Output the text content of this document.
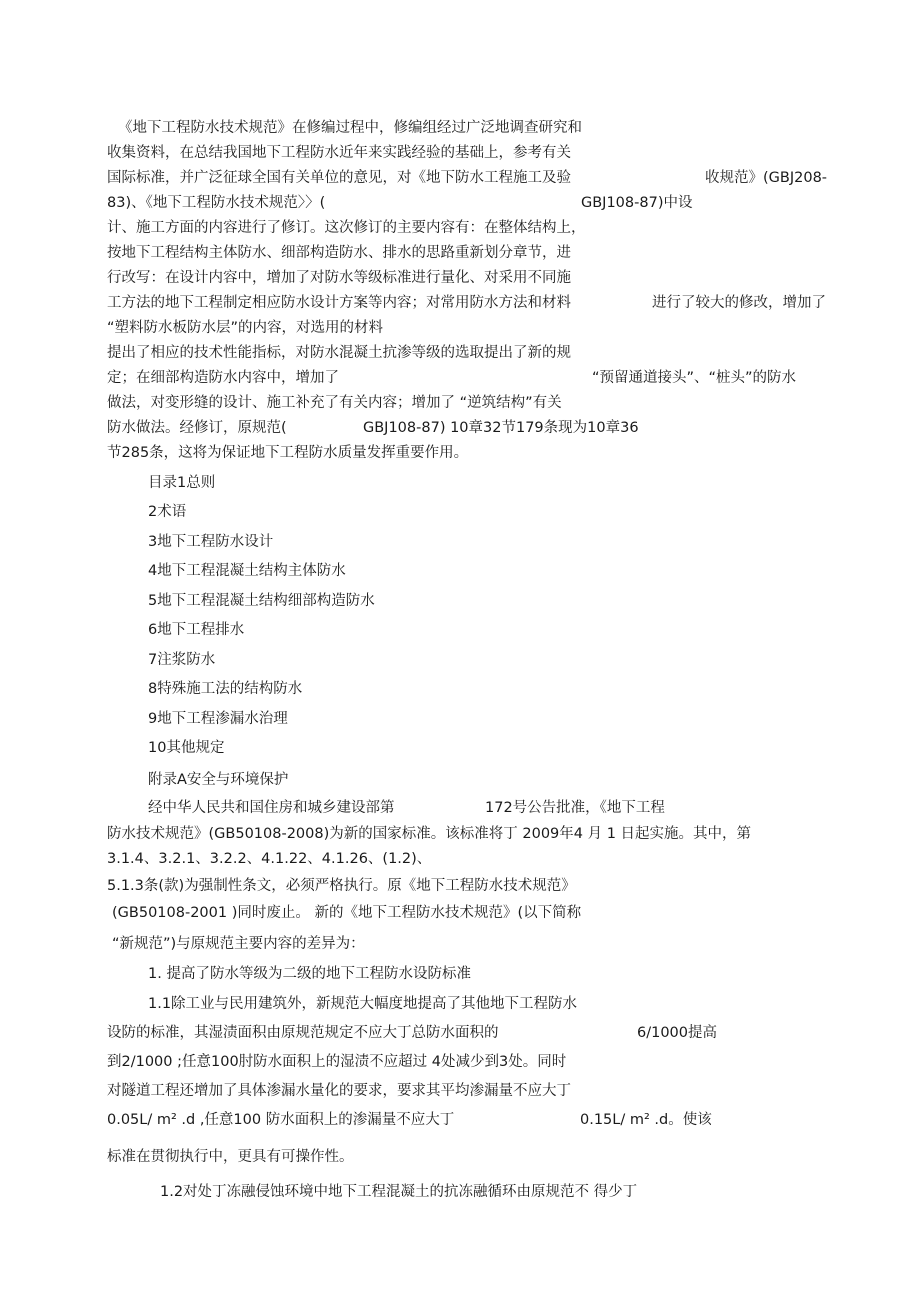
《地下工程防水技术规范》在修编过程中，修编组经过广泛地调查研究和
收集资料，在总结我国地下工程防水近年来实践经验的基础上，参考有关
国际标准，并广泛征球全国有关单位的意见，对《地下防水工程施工及验	收规范》(GBJ208-
83)、《地下工程防水技术规范〉〉(	GBJ108-87)中设
计、施工方面的内容进行了修订。这次修订的主要内容有：在整体结构上，
按地下工程结构主体防水、细部构造防水、排水的思路重新划分章节，进
行改写：在设计内容中，增加了对防水等级标准进行量化、对采用不同施
工方法的地下工程制定相应防水设计方案等内容；对常用防水方法和材料	进行了较大的修改，增加了
“塑料防水板防水层”的内容，对选用的材料
提出了相应的技术性能指标，对防水混凝土抗渗等级的选取提出了新的规
定；在细部构造防水内容中，增加了	“预留通道接头”、“桩头”的防水
做法，对变形缝的设计、施工补充了有关内容；增加了 “逆筑结构”有关
防水做法。经修订，原规范(	GBJ108-87) 10章32节179条现为10章36
节285条，这将为保证地下工程防水质量发挥重要作用。
目录1总则
2术语
3地下工程防水设计
4地下工程混凝土结构主体防水
5地下工程混凝土结构细部构造防水
6地下工程排水
7注浆防水
8特殊施工法的结构防水
9地下工程渗漏水治理
10其他规定
附录A安全与环境保护
经中华人民共和国住房和城乡建设部第	172号公告批准，《地下工程
防水技术规范》(GB50108-2008)为新的国家标准。该标准将丁 2009年4 月 1 日起实施。其中，第
3.1.4、3.2.1、3.2.2、4.1.22、4.1.26、(1.2)、
5.1.3条(款)为强制性条文，必须严格执行。原《地下工程防水技术规范》
(GB50108-2001 )同时废止。 新的《地下工程防水技术规范》(以下简称
“新规范”)与原规范主要内容的差异为：
1. 提高了防水等级为二级的地下工程防水设防标准
1.1除工业与民用建筑外，新规范大幅度地提高了其他地下工程防水
设防的标准，其湿渍面积由原规范规定不应大丁总防水面积的	6/1000提高
到2/1000 ;任意100肘防水面积上的湿渍不应超过 4处减少到3处。同时
对隧道工程还增加了具体渗漏水量化的要求，要求其平均渗漏量不应大丁
0.05L/ m² .d ,任意100 防水面积上的渗漏量不应大丁	0.15L/ m² .d。使该
标准在贯彻执行中，更具有可操作性。
1.2对处丁冻融侵蚀环境中地下工程混凝土的抗冻融循环由原规范不 得少丁
